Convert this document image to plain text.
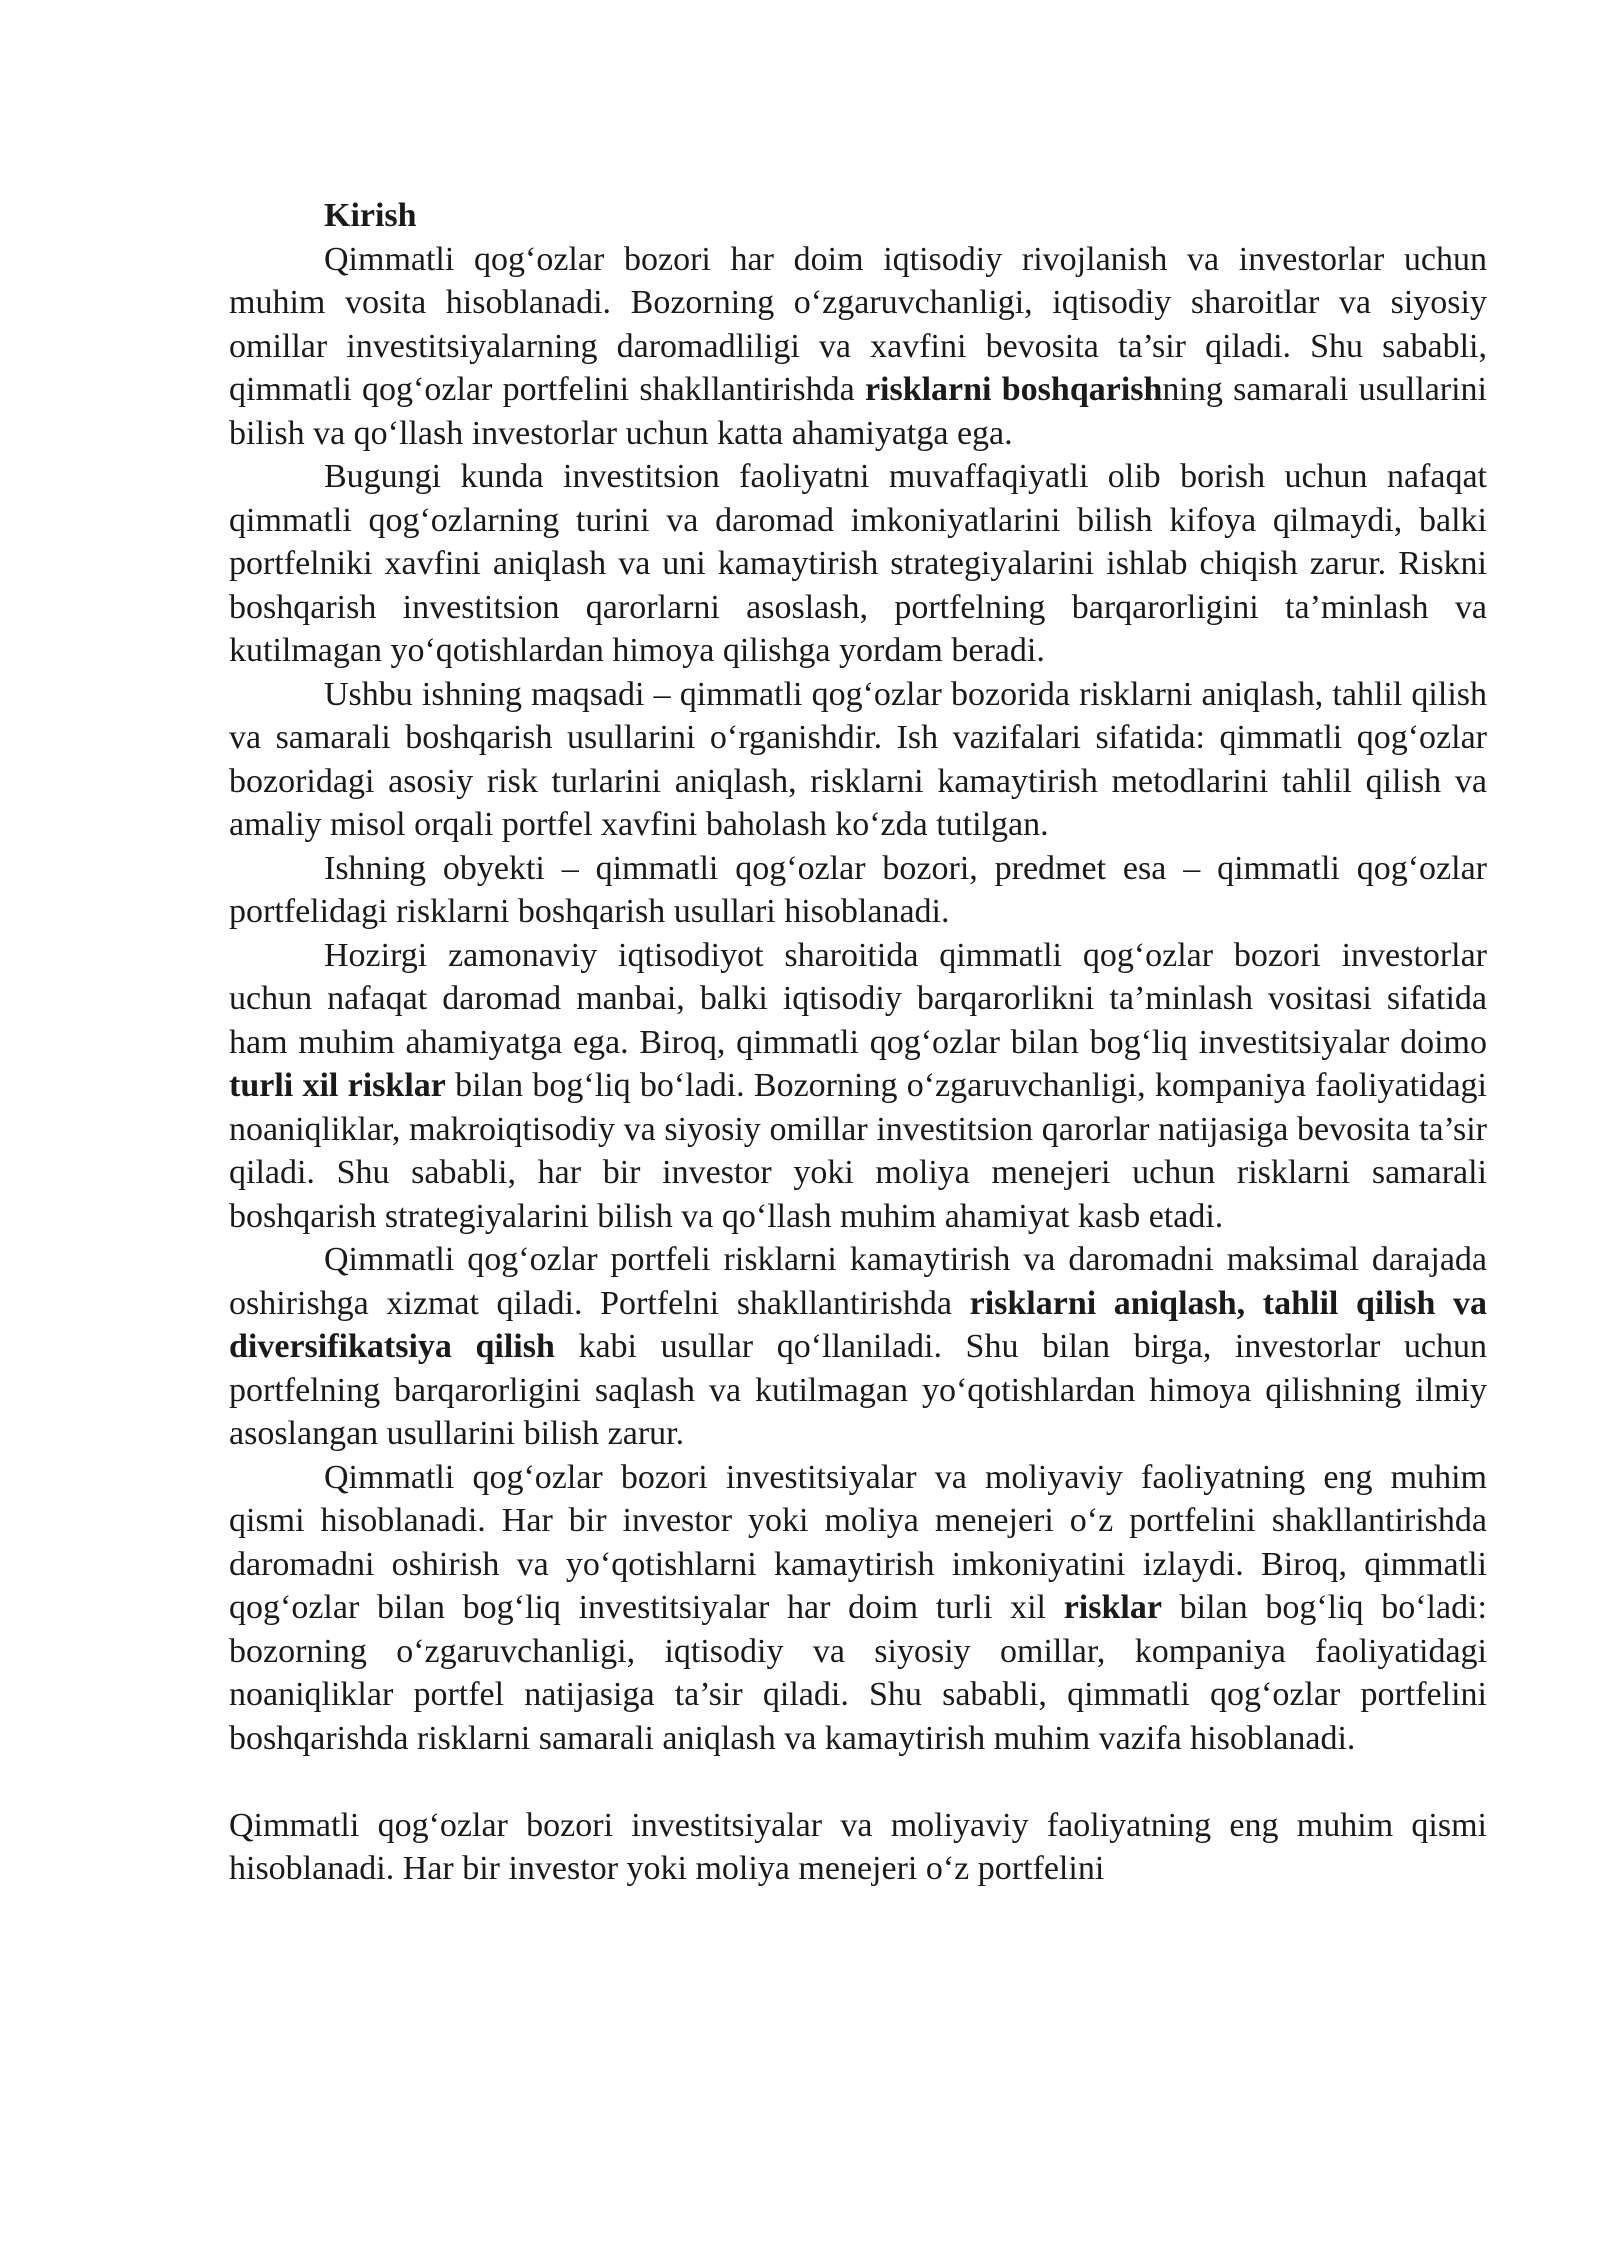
Kirish

Qimmatli qog‘ozlar bozori har doim iqtisodiy rivojlanish va investorlar uchun muhim vosita hisoblanadi. Bozorning o‘zgaruvchanligi, iqtisodiy sharoitlar va siyosiy omillar investitsiyalarning daromadliligi va xavfini bevosita ta’sir qiladi. Shu sababli, qimmatli qog‘ozlar portfelini shakllantirishda risklarni boshqarishning samarali usullarini bilish va qo‘llash investorlar uchun katta ahamiyatga ega.

Bugungi kunda investitsion faoliyatni muvaffaqiyatli olib borish uchun nafaqat qimmatli qog‘ozlarning turini va daromad imkoniyatlarini bilish kifoya qilmaydi, balki portfelniki xavfini aniqlash va uni kamaytirish strategiyalarini ishlab chiqish zarur. Riskni boshqarish investitsion qarorlarni asoslash, portfelning barqarorligini ta’minlash va kutilmagan yo‘qotishlardan himoya qilishga yordam beradi.

Ushbu ishning maqsadi – qimmatli qog‘ozlar bozorida risklarni aniqlash, tahlil qilish va samarali boshqarish usullarini o‘rganishdir. Ish vazifalari sifatida: qimmatli qog‘ozlar bozoridagi asosiy risk turlarini aniqlash, risklarni kamaytirish metodlarini tahlil qilish va amaliy misol orqali portfel xavfini baholash ko‘zda tutilgan.

Ishning obyekti – qimmatli qog‘ozlar bozori, predmet esa – qimmatli qog‘ozlar portfelidagi risklarni boshqarish usullari hisoblanadi.

Hozirgi zamonaviy iqtisodiyot sharoitida qimmatli qog‘ozlar bozori investorlar uchun nafaqat daromad manbai, balki iqtisodiy barqarorlikni ta’minlash vositasi sifatida ham muhim ahamiyatga ega. Biroq, qimmatli qog‘ozlar bilan bog‘liq investitsiyalar doimo turli xil risklar bilan bog‘liq bo‘ladi. Bozorning o‘zgaruvchanligi, kompaniya faoliyatidagi noaniqliklar, makroiqtisodiy va siyosiy omillar investitsion qarorlar natijasiga bevosita ta’sir qiladi. Shu sababli, har bir investor yoki moliya menejeri uchun risklarni samarali boshqarish strategiyalarini bilish va qo‘llash muhim ahamiyat kasb etadi.

Qimmatli qog‘ozlar portfeli risklarni kamaytirish va daromadni maksimal darajada oshirishga xizmat qiladi. Portfelni shakllantirishda risklarni aniqlash, tahlil qilish va diversifikatsiya qilish kabi usullar qo‘llaniladi. Shu bilan birga, investorlar uchun portfelning barqarorligini saqlash va kutilmagan yo‘qotishlardan himoya qilishning ilmiy asoslangan usullarini bilish zarur.

Qimmatli qog‘ozlar bozori investitsiyalar va moliyaviy faoliyatning eng muhim qismi hisoblanadi. Har bir investor yoki moliya menejeri o‘z portfelini shakllantirishda daromadni oshirish va yo‘qotishlarni kamaytirish imkoniyatini izlaydi. Biroq, qimmatli qog‘ozlar bilan bog‘liq investitsiyalar har doim turli xil risklar bilan bog‘liq bo‘ladi: bozorning o‘zgaruvchanligi, iqtisodiy va siyosiy omillar, kompaniya faoliyatidagi noaniqliklar portfel natijasiga ta’sir qiladi. Shu sababli, qimmatli qog‘ozlar portfelini boshqarishda risklarni samarali aniqlash va kamaytirish muhim vazifa hisoblanadi.

Qimmatli qog‘ozlar bozori investitsiyalar va moliyaviy faoliyatning eng muhim qismi hisoblanadi. Har bir investor yoki moliya menejeri o‘z portfelini
